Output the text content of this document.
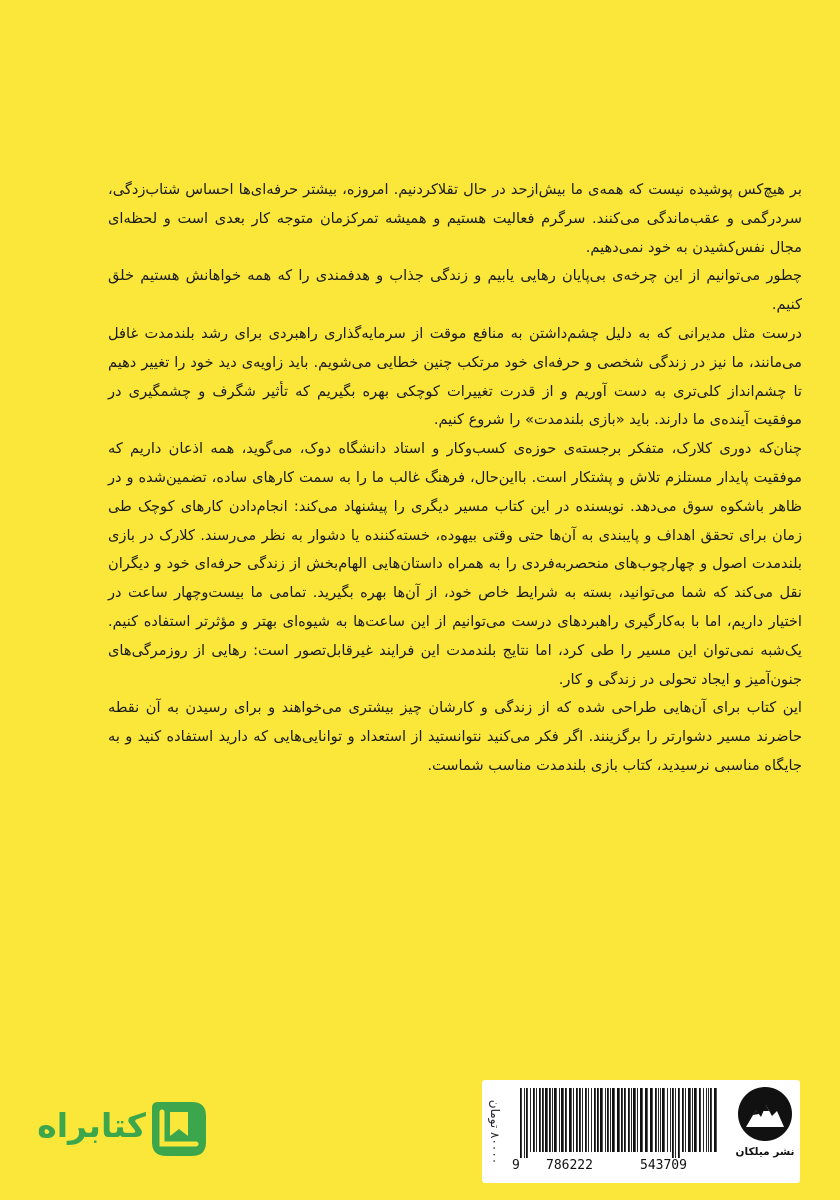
بر هیچ‌کس پوشیده نیست که همه‌ی ما بیش‌ازحد در حال تقلاکردنیم. امروزه، بیشتر حرفه‌ای‌ها احساس شتاب‌زدگی، سردرگمی و عقب‌ماندگی می‌کنند. سرگرم فعالیت هستیم و همیشه تمرکزمان متوجه کار بعدی است و لحظه‌ای مجال نفس‌کشیدن به خود نمی‌دهیم.

چطور می‌توانیم از این چرخه‌ی بی‌پایان رهایی یابیم و زندگی جذاب و هدفمندی را که همه خواهانش هستیم خلق کنیم.

درست مثل مدیرانی که به دلیل چشم‌داشتن به منافع موقت از سرمایه‌گذاری راهبردی برای رشد بلندمدت غافل می‌مانند، ما نیز در زندگی شخصی و حرفه‌ای خود مرتکب چنین خطایی می‌شویم. باید زاویه‌ی دید خود را تغییر دهیم تا چشم‌انداز کلی‌تری به دست آوریم و از قدرت تغییرات کوچکی بهره بگیریم که تأثیر شگرف و چشمگیری در موفقیت آینده‌ی ما دارند. باید «بازی بلندمدت» را شروع کنیم.

چنان‌که دوری کلارک، متفکر برجسته‌ی حوزه‌ی کسب‌وکار و استاد دانشگاه دوک، می‌گوید، همه اذعان داریم که موفقیت پایدار مستلزم تلاش و پشتکار است. بااین‌حال، فرهنگ غالب ما را به سمت کارهای ساده، تضمین‌شده و در ظاهر باشکوه سوق می‌دهد. نویسنده در این کتاب مسیر دیگری را پیشنهاد می‌کند: انجام‌دادن کارهای کوچک طی زمان برای تحقق اهداف و پایبندی به آن‌ها حتی وقتی بیهوده، خسته‌کننده یا دشوار به نظر می‌رسند. کلارک در بازی بلندمدت اصول و چهارچوب‌های منحصربه‌فردی را به همراه داستان‌هایی الهام‌بخش از زندگی حرفه‌ای خود و دیگران نقل می‌کند که شما می‌توانید، بسته به شرایط خاص خود، از آن‌ها بهره بگیرید. تمامی ما بیست‌وچهار ساعت در اختیار داریم، اما با به‌کارگیری راهبردهای درست می‌توانیم از این ساعت‌ها به شیوه‌ای بهتر و مؤثرتر استفاده کنیم. یک‌شبه نمی‌توان این مسیر را طی کرد، اما نتایج بلندمدت این فرایند غیرقابل‌تصور است: رهایی از روزمرگی‌های جنون‌آمیز و ایجاد تحولی در زندگی و کار.

این کتاب برای آن‌هایی طراحی شده که از زندگی و کارشان چیز بیشتری می‌خواهند و برای رسیدن به آن نقطه حاضرند مسیر دشوارتر را برگزینند. اگر فکر می‌کنید نتوانستید از استعداد و توانایی‌هایی که دارید استفاده کنید و به جایگاه مناسبی نرسیدید، کتاب بازی بلندمدت مناسب شماست.

۸۰۰۰۰ تومان
9 786222	543709
نشر میلکان
کتابراه
